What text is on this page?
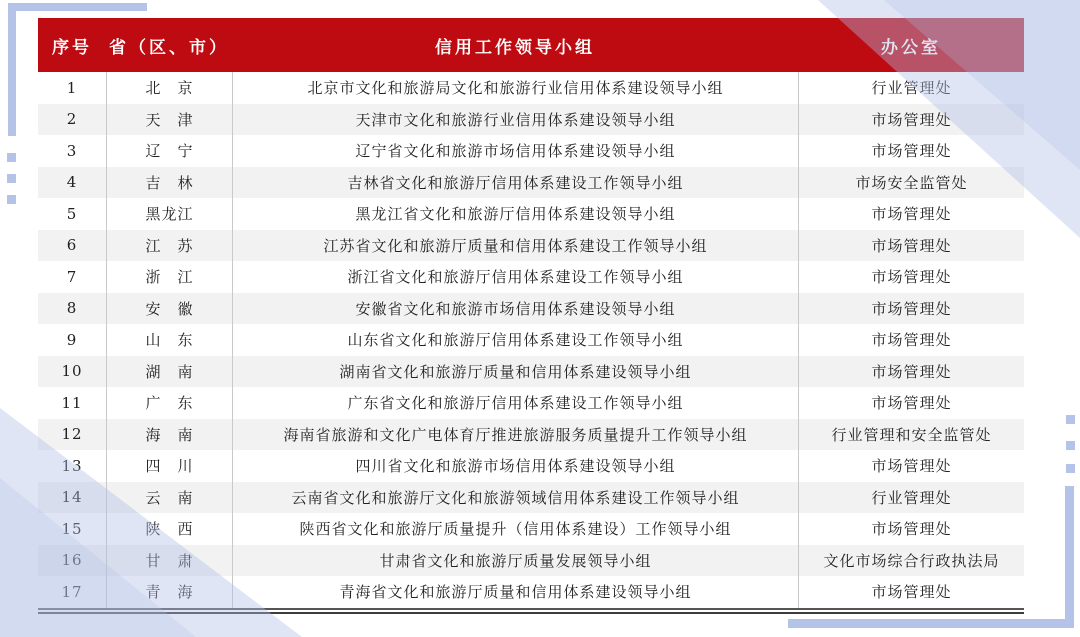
序号	省（区、市）	信用工作领导小组	办公室
1	北　京	北京市文化和旅游局文化和旅游行业信用体系建设领导小组	行业管理处
2	天　津	天津市文化和旅游行业信用体系建设领导小组	市场管理处
3	辽　宁	辽宁省文化和旅游市场信用体系建设领导小组	市场管理处
4	吉　林	吉林省文化和旅游厅信用体系建设工作领导小组	市场安全监管处
5	黑龙江	黑龙江省文化和旅游厅信用体系建设领导小组	市场管理处
6	江　苏	江苏省文化和旅游厅质量和信用体系建设工作领导小组	市场管理处
7	浙　江	浙江省文化和旅游厅信用体系建设工作领导小组	市场管理处
8	安　徽	安徽省文化和旅游市场信用体系建设领导小组	市场管理处
9	山　东	山东省文化和旅游厅信用体系建设工作领导小组	市场管理处
10	湖　南	湖南省文化和旅游厅质量和信用体系建设领导小组	市场管理处
11	广　东	广东省文化和旅游厅信用体系建设工作领导小组	市场管理处
12	海　南	海南省旅游和文化广电体育厅推进旅游服务质量提升工作领导小组	行业管理和安全监管处
13	四　川	四川省文化和旅游市场信用体系建设领导小组	市场管理处
14	云　南	云南省文化和旅游厅文化和旅游领域信用体系建设工作领导小组	行业管理处
15	陕　西	陕西省文化和旅游厅质量提升（信用体系建设）工作领导小组	市场管理处
16	甘　肃	甘肃省文化和旅游厅质量发展领导小组	文化市场综合行政执法局
17	青　海	青海省文化和旅游厅质量和信用体系建设领导小组	市场管理处
